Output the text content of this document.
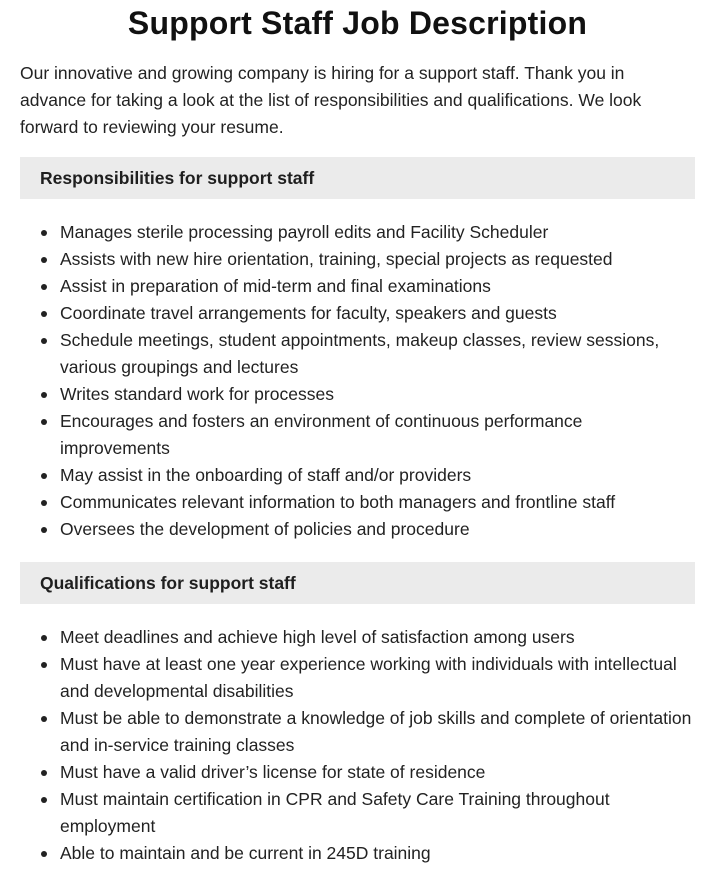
Support Staff Job Description

Our innovative and growing company is hiring for a support staff. Thank you in advance for taking a look at the list of responsibilities and qualifications. We look forward to reviewing your resume.

Responsibilities for support staff
Manages sterile processing payroll edits and Facility Scheduler
Assists with new hire orientation, training, special projects as requested
Assist in preparation of mid-term and final examinations
Coordinate travel arrangements for faculty, speakers and guests
Schedule meetings, student appointments, makeup classes, review sessions, various groupings and lectures
Writes standard work for processes
Encourages and fosters an environment of continuous performance improvements
May assist in the onboarding of staff and/or providers
Communicates relevant information to both managers and frontline staff
Oversees the development of policies and procedure
Qualifications for support staff
Meet deadlines and achieve high level of satisfaction among users
Must have at least one year experience working with individuals with intellectual and developmental disabilities
Must be able to demonstrate a knowledge of job skills and complete of orientation and in-service training classes
Must have a valid driver’s license for state of residence
Must maintain certification in CPR and Safety Care Training throughout employment
Able to maintain and be current in 245D training
